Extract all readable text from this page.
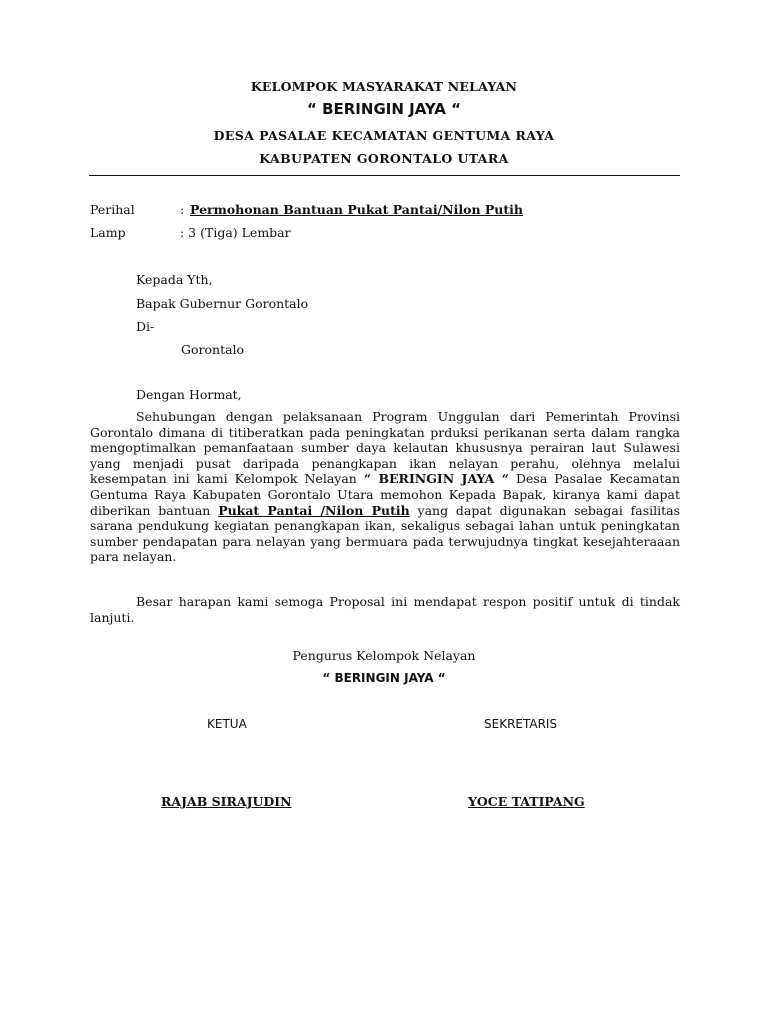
KELOMPOK MASYARAKAT NELAYAN

“ BERINGIN JAYA “

DESA PASALAE KECAMATAN GENTUMA RAYA

KABUPATEN GORONTALO UTARA

Perihal	: Permohonan Bantuan Pukat Pantai/Nilon Putih

Lamp	: 3 (Tiga) Lembar

Kepada Yth,

Bapak Gubernur Gorontalo

Di-

Gorontalo

Dengan Hormat,

Sehubungan dengan pelaksanaan Program Unggulan dari Pemerintah Provinsi Gorontalo dimana di titiberatkan pada peningkatan prduksi perikanan serta dalam rangka mengoptimalkan pemanfaataan sumber daya kelautan khususnya perairan laut Sulawesi yang menjadi pusat daripada penangkapan ikan nelayan perahu, olehnya melalui kesempatan ini kami Kelompok Nelayan “ BERINGIN JAYA “ Desa Pasalae Kecamatan Gentuma Raya Kabupaten Gorontalo Utara memohon Kepada Bapak, kiranya kami dapat diberikan bantuan Pukat Pantai /Nilon Putih yang dapat digunakan sebagai fasilitas sarana pendukung kegiatan penangkapan ikan, sekaligus sebagai lahan untuk peningkatan sumber pendapatan para nelayan yang bermuara pada terwujudnya tingkat kesejahteraaan para nelayan.

Besar harapan kami semoga Proposal ini mendapat respon positif untuk di tindak lanjuti.

Pengurus Kelompok Nelayan

“ BERINGIN JAYA “

KETUA	SEKRETARIS

RAJAB SIRAJUDIN	YOCE TATIPANG
